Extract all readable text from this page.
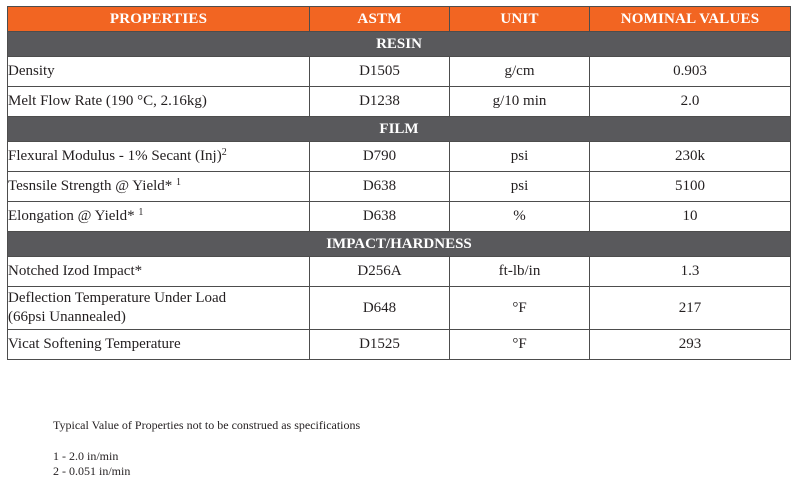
PROPERTIES	ASTM	UNIT	NOMINAL VALUES
RESIN			
Density	D1505	g/cm	0.903
Melt Flow Rate (190 °C, 2.16kg)	D1238	g/10 min	2.0
FILM			
Flexural Modulus - 1% Secant (Inj)$^2$	D790	psi	230k
Tesnsile Strength @ Yield* $^1$	D638	psi	5100
Elongation @ Yield* $^1$	D638	%	10
IMPACT/HARDNESS			
Notched Izod Impact*	D256A	ft-lb/in	1.3
Deflection Temperature Under Load
(66psi Unannealed)	D648	°F	217
Vicat Softening Temperature	D1525	°F	293

Typical Value of Properties not to be construed as specifications

1 - 2.0 in/min

2 - 0.051 in/min
